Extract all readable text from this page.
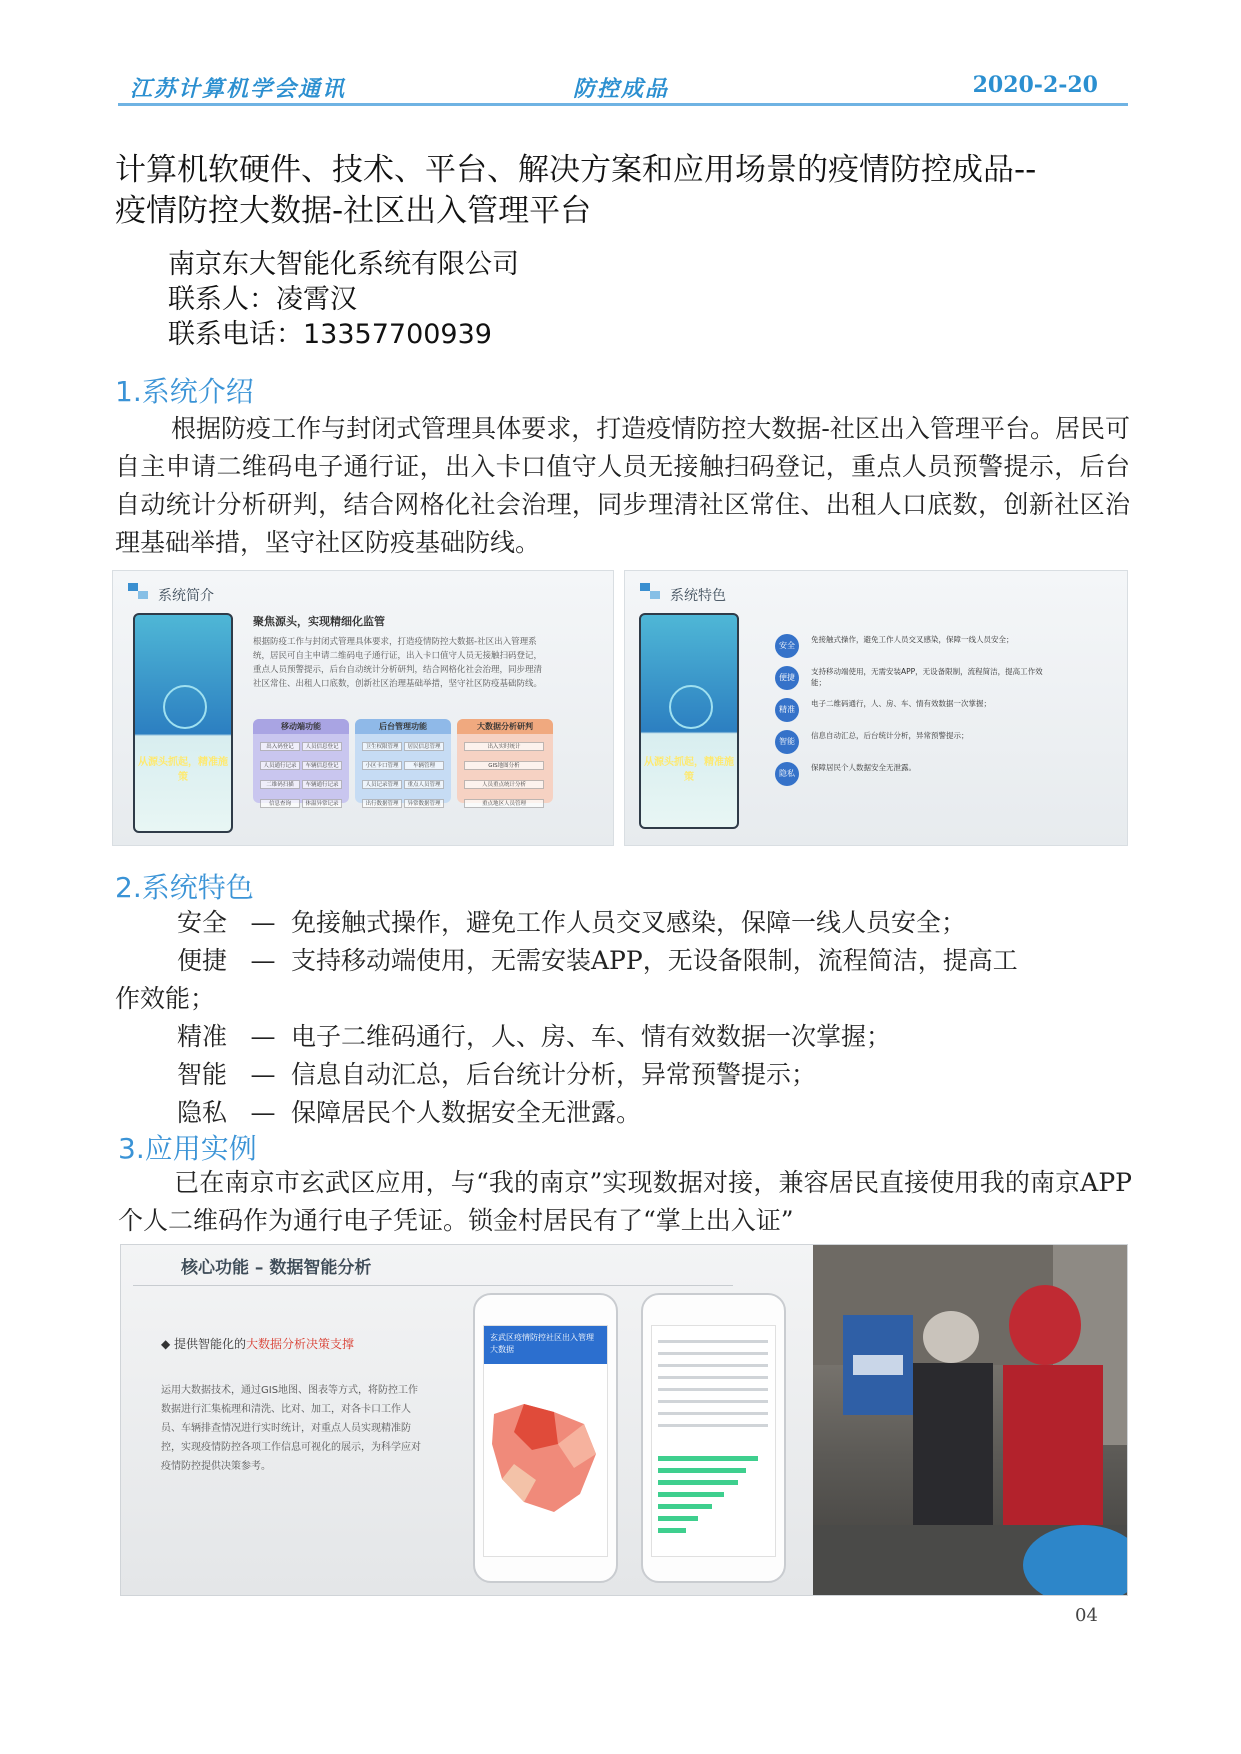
江苏计算机学会通讯	防控成品	2020-2-20
计算机软硬件、技术、平台、解决方案和应用场景的疫情防控成品--
疫情防控大数据-社区出入管理平台
南京东大智能化系统有限公司
联系人：凌霄汉
联系电话：13357700939
1.系统介绍
根据防疫工作与封闭式管理具体要求，打造疫情防控大数据-社区出入管理平台。居民可自主申请二维码电子通行证，出入卡口值守人员无接触扫码登记，重点人员预警提示，后台自动统计分析研判，结合网格化社会治理，同步理清社区常住、出租人口底数，创新社区治理基础举措，坚守社区防疫基础防线。
系统简介
从源头抓起，精准施策
聚焦源头，实现精细化监管
根据防疫工作与封闭式管理具体要求，打造疫情防控大数据-社区出入管理系统，居民可自主申请二维码电子通行证，出入卡口值守人员无接触扫码登记，重点人员预警提示，后台自动统计分析研判，结合网格化社会治理，同步理清社区常住、出租人口底数，创新社区治理基础举措，坚守社区防疫基础防线。
移动端功能
出入码登记 人员信息登记人员通行记录 车辆信息登记二维码扫描 车辆通行记录信息查询	体温异常记录
后台管理功能
卫生权限管理 居民信息管理小区卡口管理	车辆管理人员记录管理 重点人员管理出行数据管理 异常数据管理
大数据分析研判
出入实时统计GIS地图分析人员重点统计分析重点地区人员管理
系统特色
从源头抓起，精准施策
安全
免接触式操作，避免工作人员交叉感染，保障一线人员安全；
便捷
支持移动端使用，无需安装APP，无设备限制，流程简洁，提高工作效能；
精准
电子二维码通行，人、房、车、情有效数据一次掌握；
智能
信息自动汇总，后台统计分析，异常预警提示；
隐私
保障居民个人数据安全无泄露。
2.系统特色
安全 — 免接触式操作，避免工作人员交叉感染，保障一线人员安全；
便捷 — 支持移动端使用，无需安装APP，无设备限制，流程简洁，提高工
作效能；
精准 — 电子二维码通行，人、房、车、情有效数据一次掌握；
智能 — 信息自动汇总，后台统计分析，异常预警提示；
隐私 — 保障居民个人数据安全无泄露。
3.应用实例
已在南京市玄武区应用，与“我的南京”实现数据对接，兼容居民直接使用我的南京APP个人二维码作为通行电子凭证。锁金村居民有了“掌上出入证”
核心功能 – 数据智能分析
◆ 提供智能化的大数据分析决策支撑
运用大数据技术，通过GIS地图、图表等方式，将防控工作数据进行汇集梳理和清洗、比对、加工，对各卡口工作人员、车辆排查情况进行实时统计，对重点人员实现精准防控，实现疫情防控各项工作信息可视化的展示，为科学应对疫情防控提供决策参考。
玄武区疫情防控社区出入管理大数据
04
